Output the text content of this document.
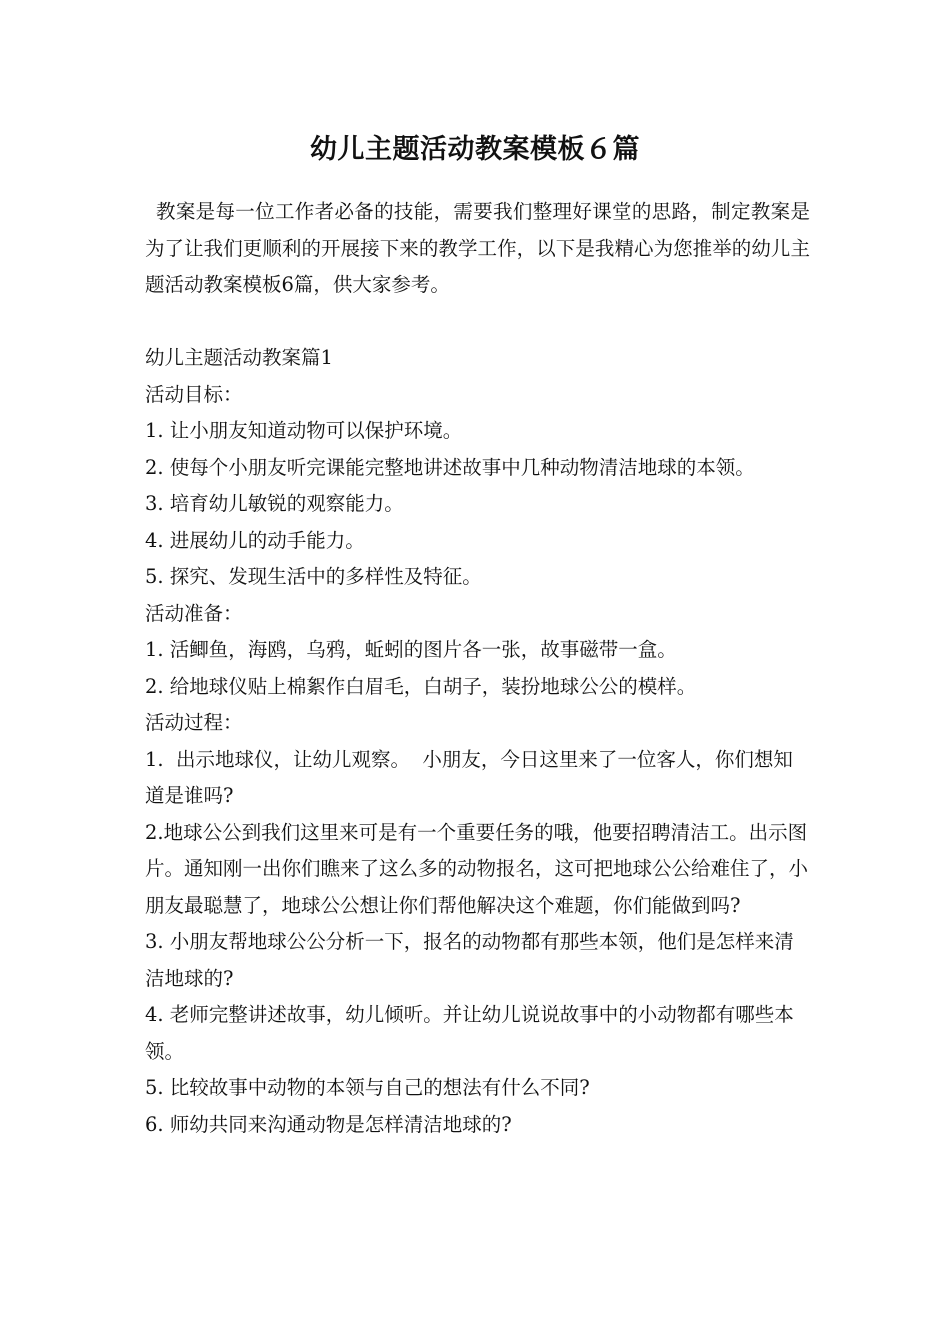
幼儿主题活动教案模板６篇

教案是每一位工作者必备的技能，需要我们整理好课堂的思路，制定教案是为了让我们更顺利的开展接下来的教学工作，以下是我精心为您推举的幼儿主题活动教案模板6篇，供大家参考。

幼儿主题活动教案篇1

活动目标：

1. 让小朋友知道动物可以保护环境。

2. 使每个小朋友听完课能完整地讲述故事中几种动物清洁地球的本领。

3. 培育幼儿敏锐的观察能力。

4. 进展幼儿的动手能力。

5. 探究、发现生活中的多样性及特征。

活动准备：

1. 活鲫鱼，海鸥，乌鸦，蚯蚓的图片各一张，故事磁带一盒。

2. 给地球仪贴上棉絮作白眉毛，白胡子，装扮地球公公的模样。

活动过程：

1.  出示地球仪，让幼儿观察。  小朋友，今日这里来了一位客人，你们想知道是谁吗?

2.地球公公到我们这里来可是有一个重要任务的哦，他要招聘清洁工。出示图片。通知刚一出你们瞧来了这么多的动物报名，这可把地球公公给难住了，小朋友最聪慧了，地球公公想让你们帮他解决这个难题，你们能做到吗?

3. 小朋友帮地球公公分析一下，报名的动物都有那些本领，他们是怎样来清洁地球的?

4. 老师完整讲述故事，幼儿倾听。并让幼儿说说故事中的小动物都有哪些本领。

5. 比较故事中动物的本领与自己的想法有什么不同?

6. 师幼共同来沟通动物是怎样清洁地球的?
